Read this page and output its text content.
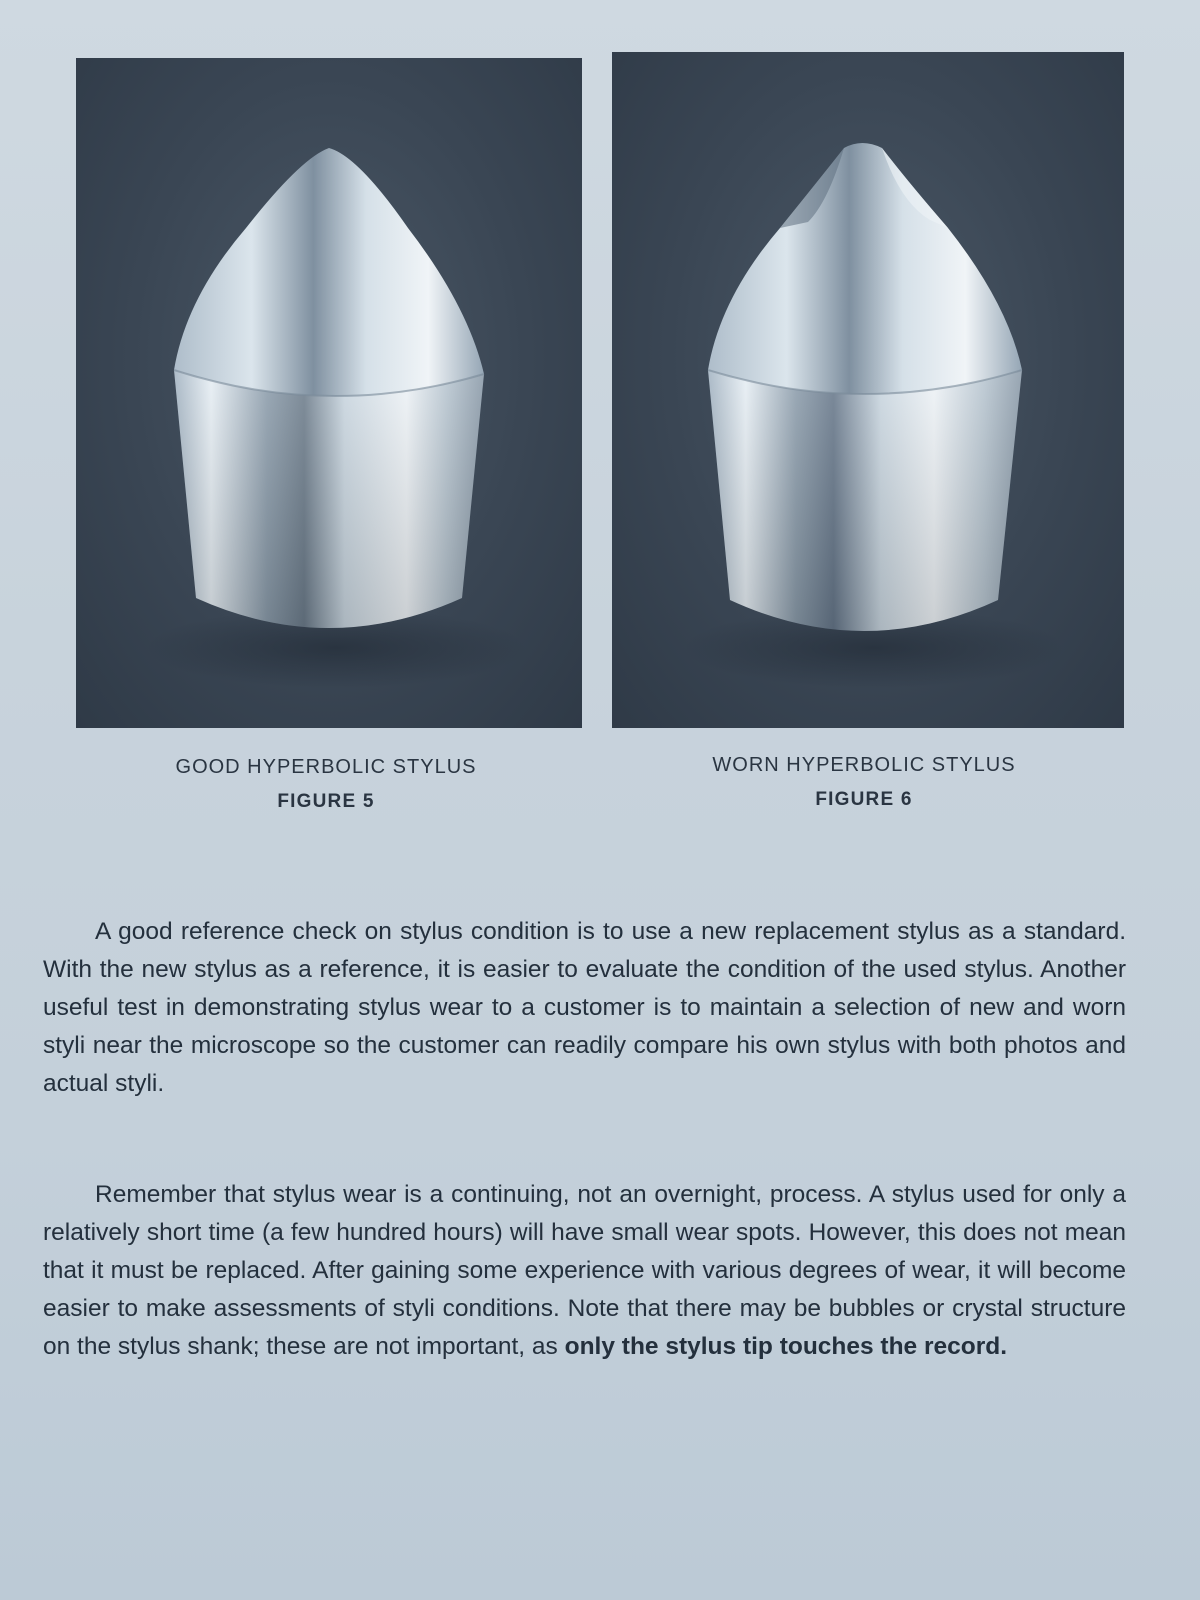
GOOD HYPERBOLIC STYLUS
FIGURE 5
WORN HYPERBOLIC STYLUS
FIGURE 6

A good reference check on stylus condition is to use a new replacement stylus as a standard. With the new stylus as a reference, it is easier to evaluate the condition of the used stylus. Another useful test in demonstrating stylus wear to a customer is to maintain a selection of new and worn styli near the microscope so the customer can readily compare his own stylus with both photos and actual styli.

Remember that stylus wear is a continuing, not an overnight, process. A stylus used for only a relatively short time (a few hundred hours) will have small wear spots. However, this does not mean that it must be replaced. After gaining some experience with various degrees of wear, it will become easier to make assessments of styli conditions. Note that there may be bubbles or crystal structure on the stylus shank; these are not important, as only the stylus tip touches the record.
